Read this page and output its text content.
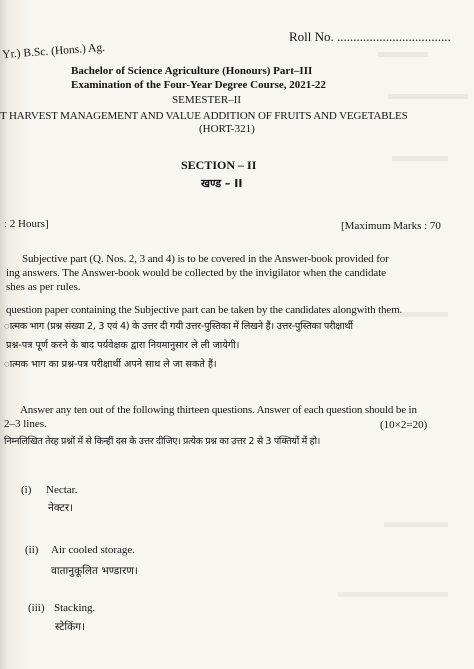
Roll No. ...................................
Yr.) B.Sc. (Hons.) Ag.
Bachelor of Science Agriculture (Honours) Part–III
Examination of the Four-Year Degree Course, 2021-22
SEMESTER–II
T HARVEST MANAGEMENT AND VALUE ADDITION OF FRUITS AND VEGETABLES
(HORT-321)
SECTION – II
खण्ड – II
: 2 Hours]	[Maximum Marks : 70
Subjective part (Q. Nos. 2, 3 and 4) is to be covered in the Answer-book provided for
ing answers. The Answer-book would be collected by the invigilator when the candidate
shes as per rules.
question paper containing the Subjective part can be taken by the candidates alongwith them.
ात्मक भाग (प्रश्न संख्या 2, 3 एवं 4) के उत्तर दी गयी उत्तर-पुस्तिका में लिखने हैं। उत्तर-पुस्तिका परीक्षार्थी
प्रश्न-पत्र पूर्ण करने के बाद पर्यवेक्षक द्वारा नियमानुसार ले ली जायेगी।
ात्मक भाग का प्रश्न-पत्र परीक्षार्थी अपने साथ ले जा सकते हैं।
Answer any ten out of the following thirteen questions. Answer of each question should be in
2–3 lines.	(10×2=20)
निम्नलिखित तेरह प्रश्नों में से किन्हीं दस के उत्तर दीजिए। प्रत्येक प्रश्न का उत्तर 2 से 3 पंक्तियों में हो।
(i) Nectar.
नेक्टर।
(ii) Air cooled storage.
वातानुकूलित भण्डारण।
(iii) Stacking.
स्टेकिंग।
